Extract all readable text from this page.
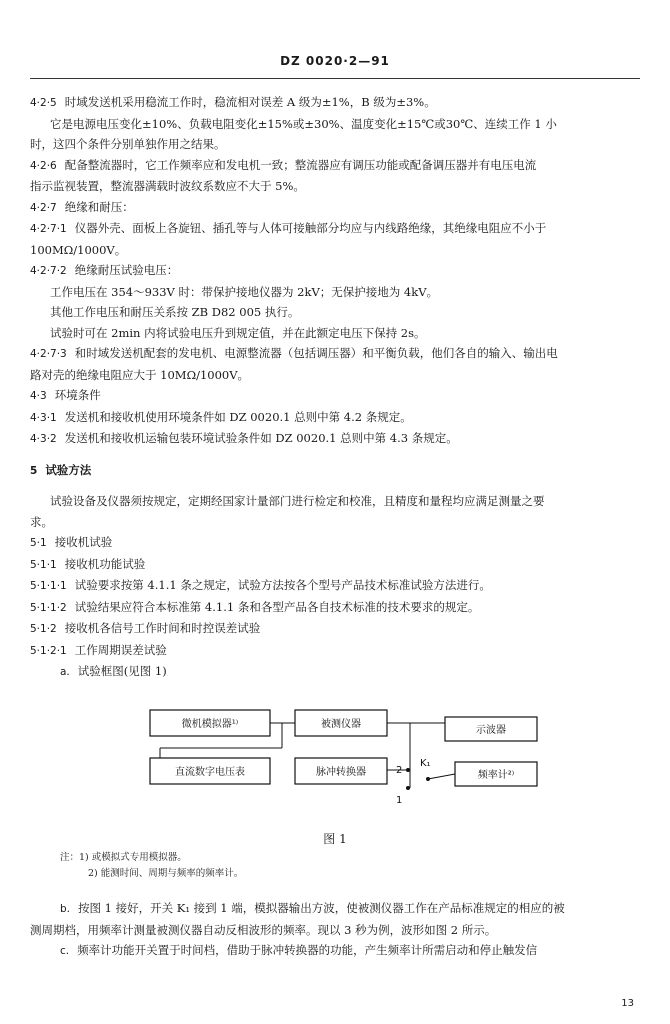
DZ 0020·2—91
4·2·5 时域发送机采用稳流工作时，稳流相对误差 A 级为±1%，B 级为±3%。
它是电源电压变化±10%、负载电阻变化±15%或±30%、温度变化±15℃或30℃、连续工作 1 小
时，这四个条件分别单独作用之结果。
4·2·6 配备整流器时，它工作频率应和发电机一致；整流器应有调压功能或配备调压器并有电压电流
指示监视装置，整流器满载时波纹系数应不大于 5%。
4·2·7 绝缘和耐压：
4·2·7·1 仪器外壳、面板上各旋钮、插孔等与人体可接触部分均应与内线路绝缘，其绝缘电阻应不小于
100MΩ/1000V。
4·2·7·2 绝缘耐压试验电压：
工作电压在 354～933V 时：带保护接地仪器为 2kV；无保护接地为 4kV。
其他工作电压和耐压关系按 ZB D82 005 执行。
试验时可在 2min 内将试验电压升到规定值，并在此额定电压下保持 2s。
4·2·7·3 和时域发送机配套的发电机、电源整流器（包括调压器）和平衡负载，他们各自的输入、输出电
路对壳的绝缘电阻应大于 10MΩ/1000V。
4·3 环境条件
4·3·1 发送机和接收机使用环境条件如 DZ 0020.1 总则中第 4.2 条规定。
4·3·2 发送机和接收机运输包装环境试验条件如 DZ 0020.1 总则中第 4.3 条规定。
5 试验方法
试验设备及仪器须按规定，定期经国家计量部门进行检定和校准，且精度和量程均应满足测量之要
求。
5·1 接收机试验
5·1·1 接收机功能试验
5·1·1·1 试验要求按第 4.1.1 条之规定，试验方法按各个型号产品技术标准试验方法进行。
5·1·1·2 试验结果应符合本标准第 4.1.1 条和各型产品各自技术标准的技术要求的规定。
5·1·2 接收机各信号工作时间和时控误差试验
5·1·2·1 工作周期误差试验
a. 试验框图(见图 1)
微机模拟器¹⁾	被测仪器
示波器
直流数字电压表	脉冲转换器	频率计²⁾
K₁
2
1
图 1
注：1) 或模拟式专用模拟器。
2) 能测时间、周期与频率的频率计。
b. 按图 1 接好，开关 K₁ 接到 1 端，模拟器输出方波，使被测仪器工作在产品标准规定的相应的被
测周期档，用频率计测量被测仪器自动反相波形的频率。现以 3 秒为例，波形如图 2 所示。
c. 频率计功能开关置于时间档，借助于脉冲转换器的功能，产生频率计所需启动和停止触发信
13
